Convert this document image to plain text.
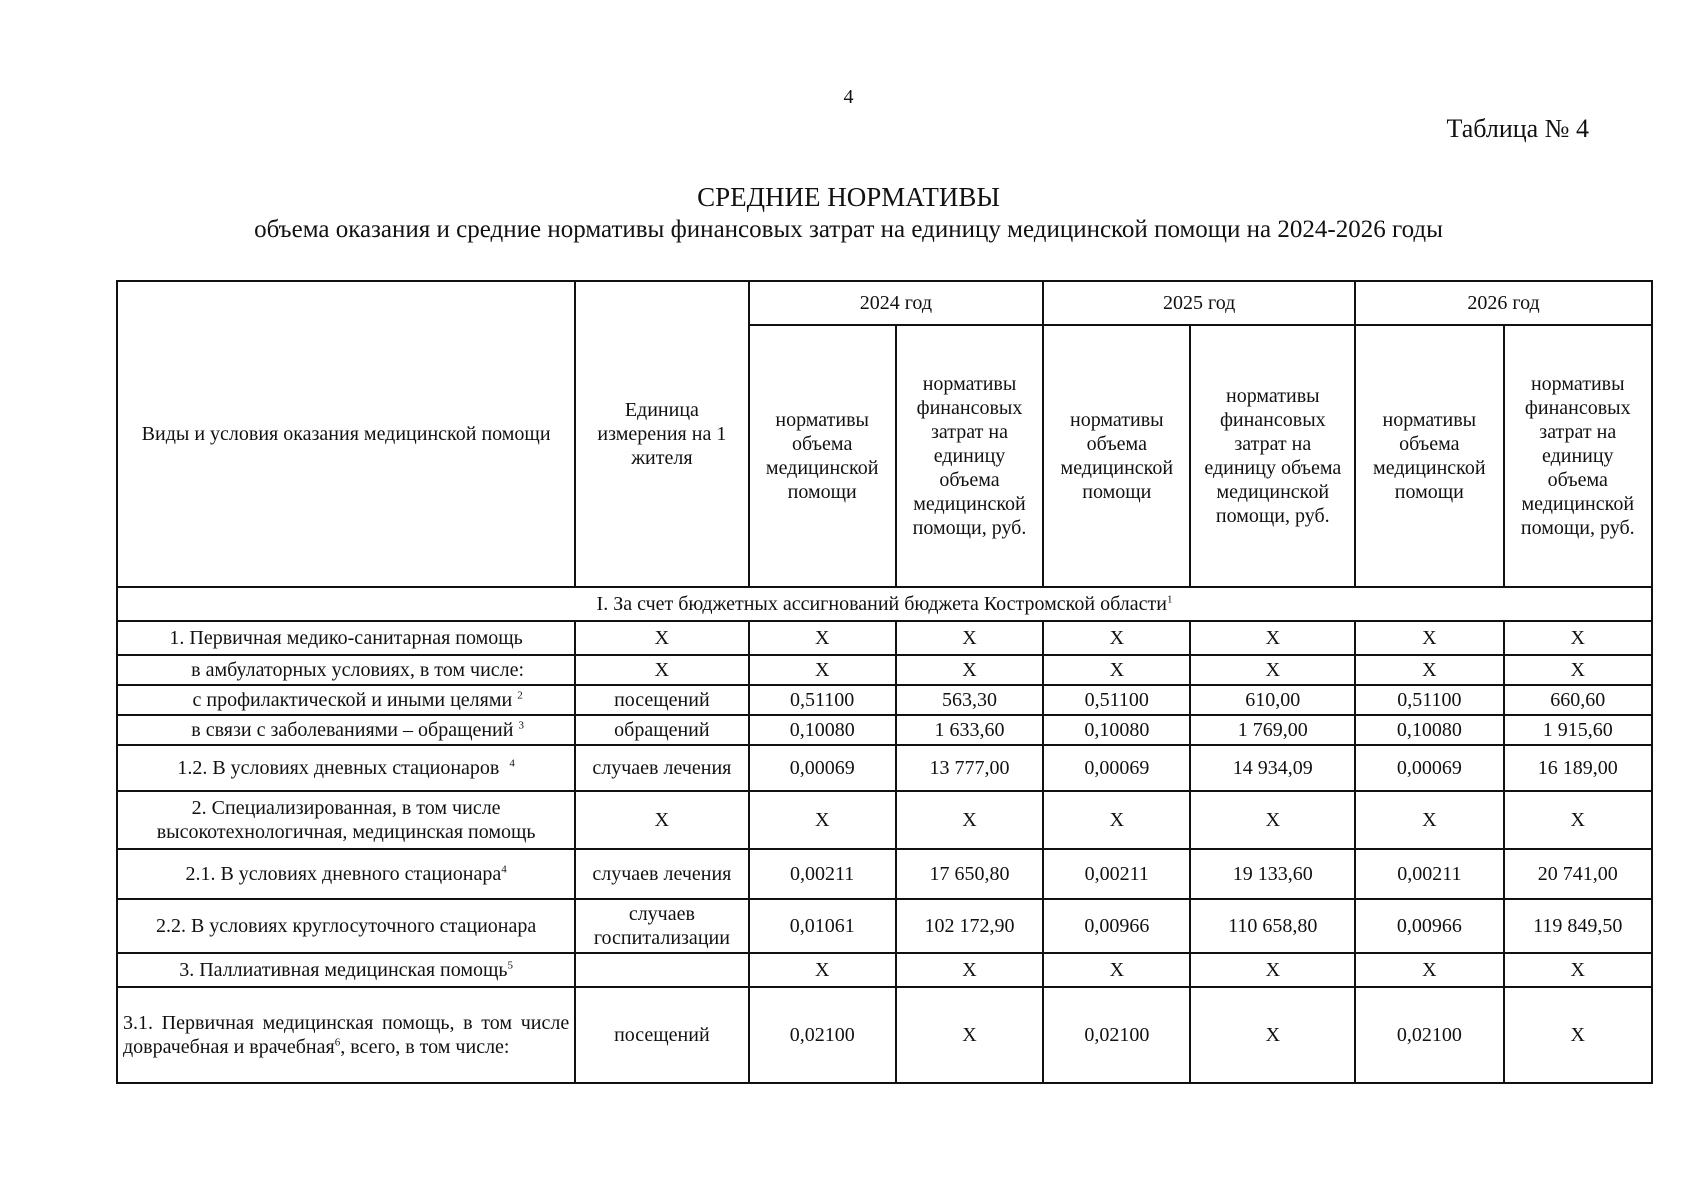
4
Таблица № 4
СРЕДНИЕ НОРМАТИВЫ
объема оказания и средние нормативы финансовых затрат на единицу медицинской помощи на 2024-2026 годы
Виды и условия оказания медицинской помощи	Единица измерения на 1 жителя	2024 год		2025 год		2026 год	
		нормативы объема медицинской помощи	нормативы финансовых затрат на единицу объема медицинской помощи, руб.	нормативы объема медицинской помощи	нормативы финансовых затрат на единицу объема медицинской помощи, руб.	нормативы объема медицинской помощи	нормативы финансовых затрат на единицу объема медицинской помощи, руб.
I. За счет бюджетных ассигнований бюджета Костромской области$^1$
1. Первичная медико-санитарная помощь	X	X	X	X	X	X	X
в амбулаторных условиях, в том числе:	X	X	X	X	X	X	X
с профилактической и иными целями $^2$	посещений	0,51100	563,30	0,51100	610,00	0,51100	660,60
в связи с заболеваниями – обращений $^3$	обращений	0,10080	1 633,60	0,10080	1 769,00	0,10080	1 915,60
1.2. В условиях дневных стационаров $^4$	случаев лечения	0,00069	13 777,00	0,00069	14 934,09	0,00069	16 189,00
2. Специализированная, в том числе высокотехнологичная, медицинская помощь	X	X	X	X	X	X	X
2.1. В условиях дневного стационара$^4$	случаев лечения	0,00211	17 650,80	0,00211	19 133,60	0,00211	20 741,00
2.2. В условиях круглосуточного стационара	случаев госпитализации	0,01061	102 172,90	0,00966	110 658,80	0,00966	119 849,50
3. Паллиативная медицинская помощь$^5$		X	X	X	X	X	X
3.1. Первичная медицинская помощь, в том числе доврачебная и врачебная$^6$, всего, в том числе:	посещений	0,02100	X	0,02100	X	0,02100	X
